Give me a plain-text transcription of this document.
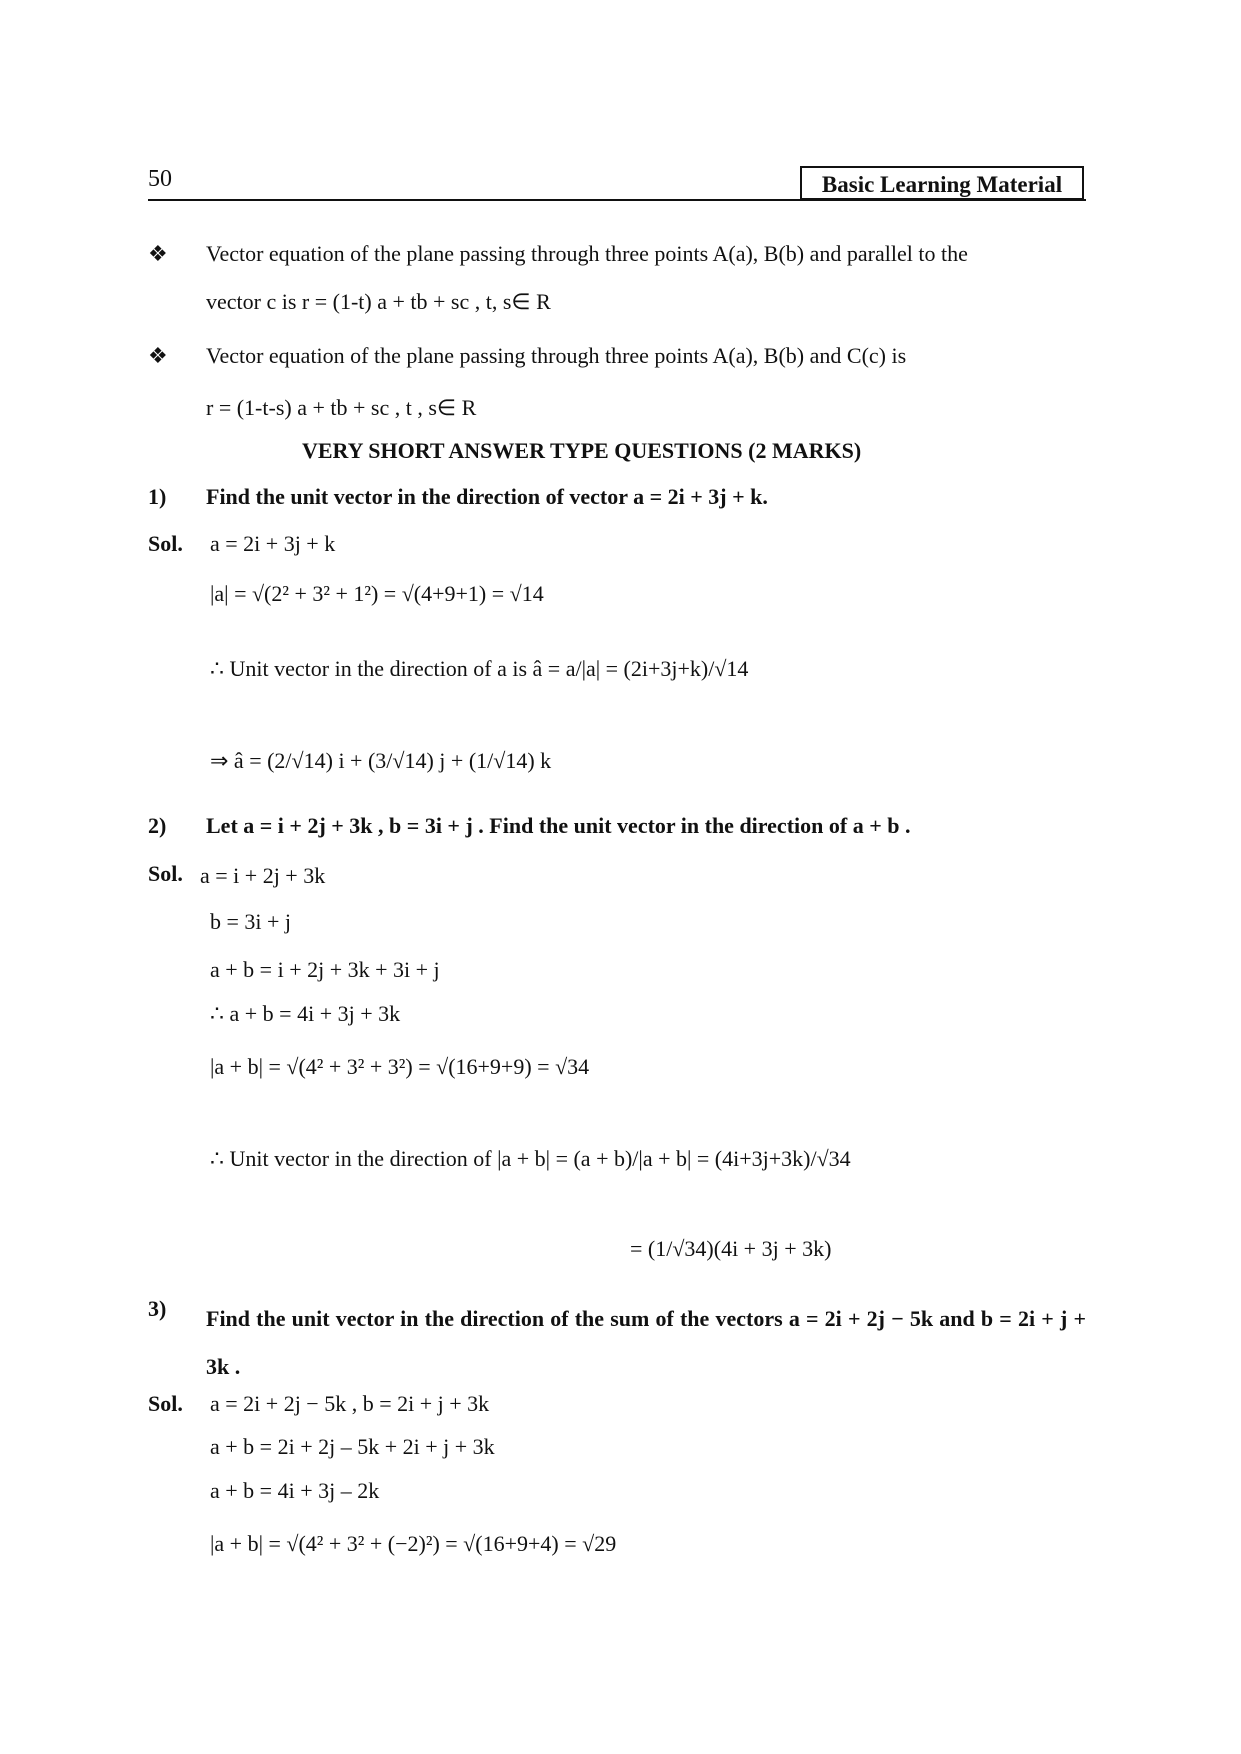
50	Basic Learning Material
❖ Vector equation of the plane passing through three points A(a), B(b) and parallel to the
vector c is r = (1-t) a + tb + sc , t, s∈ R
❖ Vector equation of the plane passing through three points A(a), B(b) and C(c) is
r = (1-t-s) a + tb + sc , t , s∈ R
VERY SHORT ANSWER TYPE QUESTIONS (2 MARKS)
1) Find the unit vector in the direction of vector a = 2i + 3j + k.
Sol. a = 2i + 3j + k
|a| = √(2² + 3² + 1²) = √(4+9+1) = √14
∴ Unit vector in the direction of a is â = a/|a| = (2i+3j+k)/√14
⇒ â = (2/√14) i + (3/√14) j + (1/√14) k
2) Let a = i + 2j + 3k , b = 3i + j . Find the unit vector in the direction of a + b .
Sol. a = i + 2j + 3k
b = 3i + j
a + b = i + 2j + 3k + 3i + j
∴ a + b = 4i + 3j + 3k
|a + b| = √(4² + 3² + 3²) = √(16+9+9) = √34
∴ Unit vector in the direction of |a + b| = (a + b)/|a + b| = (4i+3j+3k)/√34
= (1/√34)(4i + 3j + 3k)
3) Find the unit vector in the direction of the sum of the vectors a = 2i + 2j − 5k and b = 2i + j + 3k .
Sol. a = 2i + 2j − 5k , b = 2i + j + 3k
a + b = 2i + 2j – 5k + 2i + j + 3k
a + b = 4i + 3j – 2k
|a + b| = √(4² + 3² + (−2)²) = √(16+9+4) = √29
